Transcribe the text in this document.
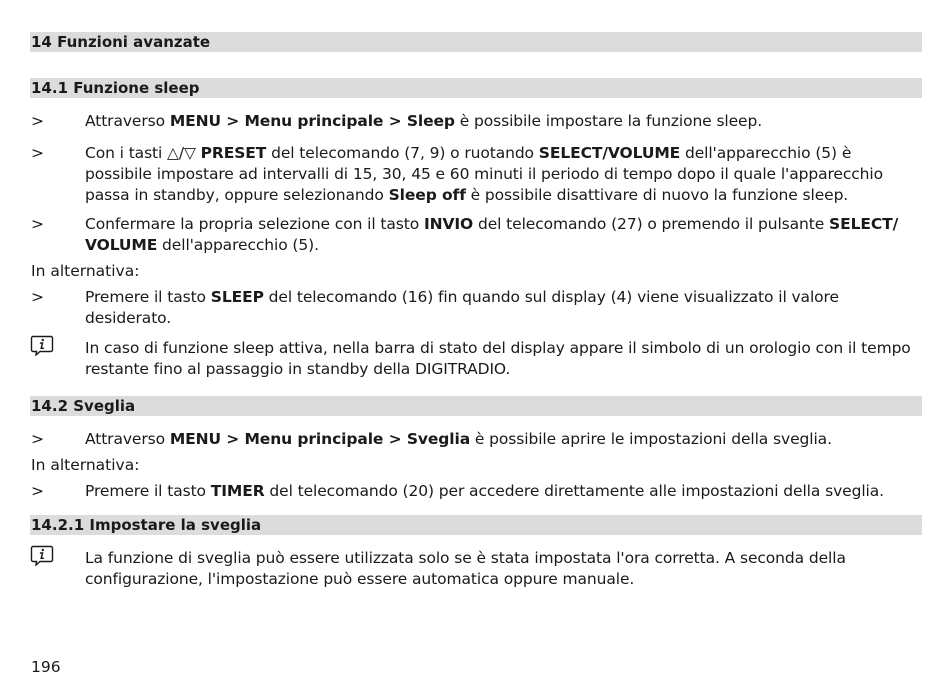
14 Funzioni avanzate
14.1 Funzione sleep
>	Attraverso MENU > Menu principale > Sleep è possibile impostare la funzione sleep.
>	Con i tasti △/▽ PRESET del telecomando (7, 9) o ruotando SELECT/VOLUME dell'apparecchio (5) è possibile impostare ad intervalli di 15, 30, 45 e 60 minuti il periodo di tempo dopo il quale l'apparecchio passa in standby, oppure selezionando Sleep off è possibile disattivare di nuovo la funzione sleep.
>	Confermare la propria selezione con il tasto INVIO del telecomando (27) o premendo il pulsante SELECT/
VOLUME dell'apparecchio (5).
In alternativa:
>	Premere il tasto SLEEP del telecomando (16) fin quando sul display (4) viene visualizzato il valore desiderato.
In caso di funzione sleep attiva, nella barra di stato del display appare il simbolo di un orologio con il tempo restante fino al passaggio in standby della DIGITRADIO.
14.2 Sveglia
>	Attraverso MENU > Menu principale > Sveglia è possibile aprire le impostazioni della sveglia.
In alternativa:
>	Premere il tasto TIMER del telecomando (20) per accedere direttamente alle impostazioni della sveglia.
14.2.1 Impostare la sveglia
La funzione di sveglia può essere utilizzata solo se è stata impostata l'ora corretta. A seconda della configurazione, l'impostazione può essere automatica oppure manuale.
196
